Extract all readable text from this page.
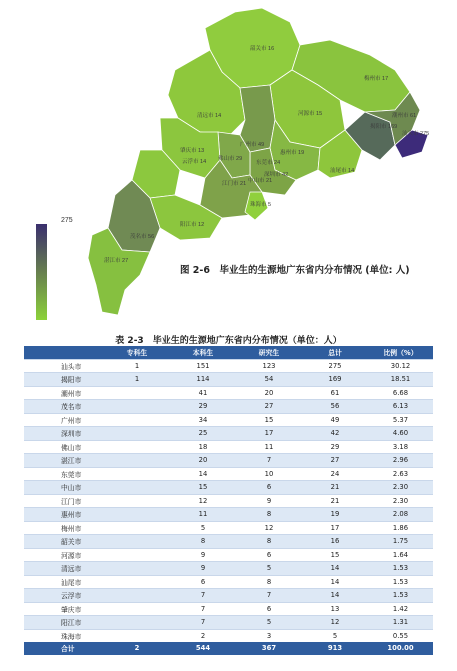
韶关市 16
梅州市 17
河源市 15
清远市 14	潮州市 61
揭阳市 169
汕头市 275
汕尾市 14
惠州市 19
广州市 49
佛山市 29
东莞市 24
肇庆市 13
云浮市 14
江门市 21 中山市 21
深圳市 42
珠海市 5
阳江市 12
茂名市 56
湛江市 27
275
图 2-6　毕业生的生源地广东省内分布情况 (单位: 人)
表 2-3　毕业生的生源地广东省内分布情况（单位：人）
	专科生	本科生	研究生	总计	比例（%）
汕头市	1	151	123	275	30.12
揭阳市	1	114	54	169	18.51
潮州市		41	20	61	6.68
茂名市		29	27	56	6.13
广州市		34	15	49	5.37
深圳市		25	17	42	4.60
佛山市		18	11	29	3.18
湛江市		20	7	27	2.96
东莞市		14	10	24	2.63
中山市		15	6	21	2.30
江门市		12	9	21	2.30
惠州市		11	8	19	2.08
梅州市		5	12	17	1.86
韶关市		8	8	16	1.75
河源市		9	6	15	1.64
清远市		9	5	14	1.53
汕尾市		6	8	14	1.53
云浮市		7	7	14	1.53
肇庆市		7	6	13	1.42
阳江市		7	5	12	1.31
珠海市		2	3	5	0.55
合计	2	544	367	913	100.00
